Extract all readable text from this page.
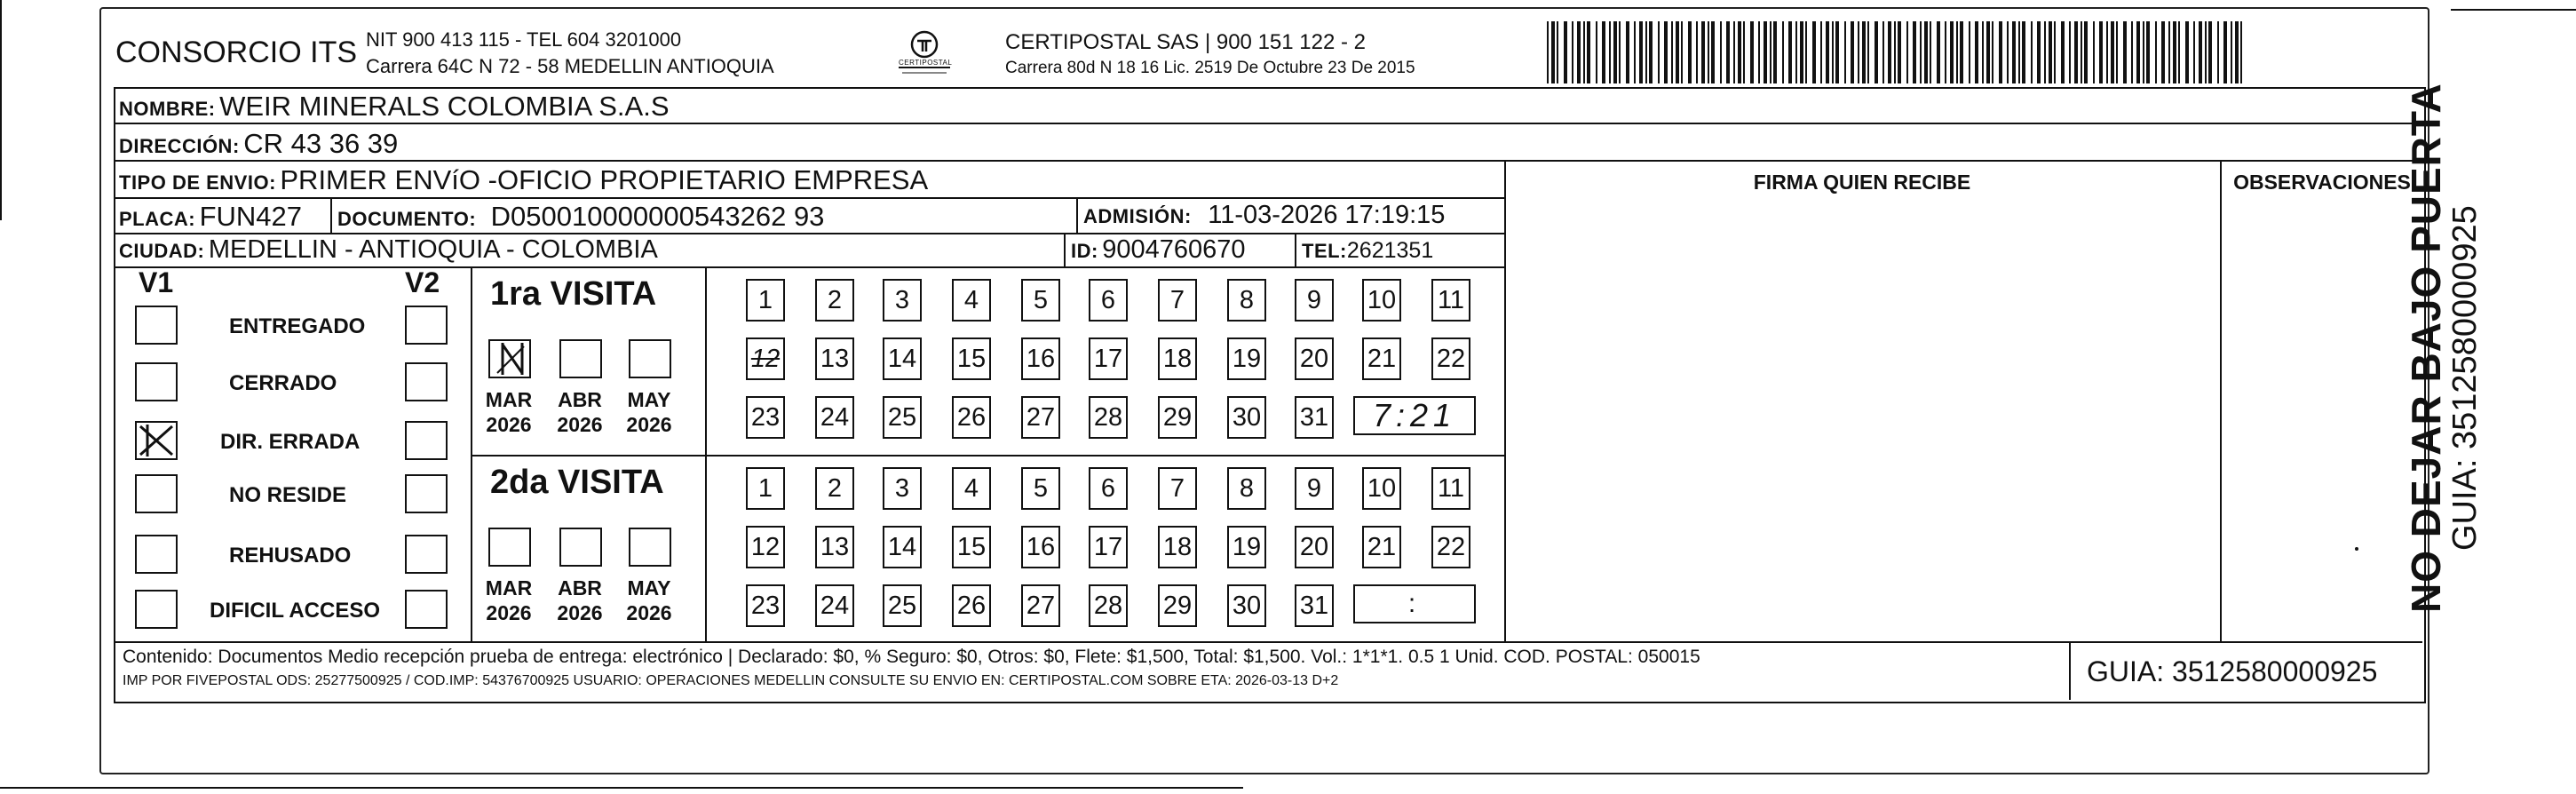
CONSORCIO ITS NIT 900 413 115 - TEL 604 3201000
Carrera 64C N 72 - 58 MEDELLIN ANTIOQUIA	CERTIPOSTAL
CERTIPOSTAL SAS | 900 151 122 - 2
Carrera 80d N 18 16 Lic. 2519 De Octubre 23 De 2015
NOMBRE: WEIR MINERALS COLOMBIA S.A.S
DIRECCIÓN: CR 43 36 39
TIPO DE ENVIO: PRIMER ENVíO -OFICIO PROPIETARIO EMPRESA	FIRMA QUIEN RECIBE	OBSERVACIONES
PLACA: FUN427 DOCUMENTO: D050010000000543262 93	ADMISIÓN: 11-03-2026 17:19:15
CIUDAD: MEDELLIN - ANTIOQUIA - COLOMBIA	ID: 9004760670	TEL:2621351
V1	V2
ENTREGADO
CERRADO
DIR. ERRADA
NO RESIDE
REHUSADO
DIFICIL ACCESO
1ra VISITA
MAR
2026
ABR
2026
MAY
2026
1	2	3	4	5	6	7	8	9	10 11
12 13 14 15 16 17 18 19 20 21 22
23 24 25 26 27 28 29 30 31	7:21
2da VISITA
MAR
2026
ABR
2026
MAY
2026
1	2	3	4	5	6	7	8	9	10 11
12 13 14 15 16 17 18 19 20 21 22
23 24 25 26 27 28 29 30 31	:
Contenido: Documentos Medio recepción prueba de entrega: electrónico | Declarado: $0, % Seguro: $0, Otros: $0, Flete: $1,500, Total: $1,500. Vol.: 1*1*1. 0.5 1 Unid. COD. POSTAL: 050015
IMP POR FIVEPOSTAL ODS: 25277500925 / COD.IMP: 54376700925 USUARIO: OPERACIONES MEDELLIN CONSULTE SU ENVIO EN: CERTIPOSTAL.COM SOBRE ETA: 2026-03-13 D+2	GUIA: 3512580000925
NO DEJAR BAJO PUERTA
GUIA: 3512580000925
